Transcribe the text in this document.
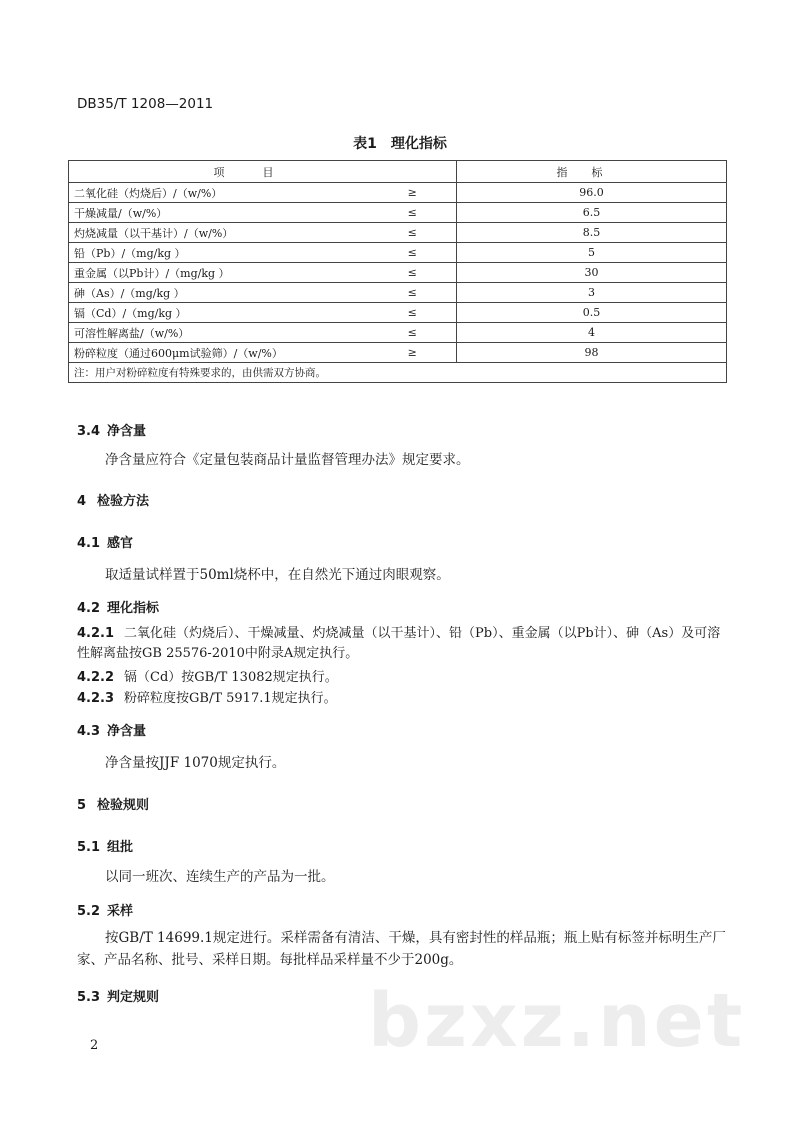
DB35/T 1208—2011
表1　理化指标
项目		指标
二氧化硅（灼烧后）/（w/%）	≥	96.0
干燥减量/（w/%）	≤	6.5
灼烧减量（以干基计）/（w/%）	≤	8.5
铅（Pb）/（mg/kg ）	≤	5
重金属（以Pb计）/（mg/kg ）	≤	30
砷（As）/（mg/kg ）	≤	3
镉（Cd）/（mg/kg ）	≤	0.5
可溶性解离盐/（w/%）	≤	4
粉碎粒度（通过600μm试验筛）/（w/%）	≥	98
注：用户对粉碎粒度有特殊要求的，由供需双方协商。		
3.4 净含量
净含量应符合《定量包装商品计量监督管理办法》规定要求。
4 检验方法
4.1 感官
取适量试样置于50ml烧杯中，在自然光下通过肉眼观察。
4.2 理化指标
4.2.1 二氧化硅（灼烧后）、干燥减量、灼烧减量（以干基计）、铅（Pb）、重金属（以Pb计）、砷（As）及可溶性解离盐按GB 25576-2010中附录A规定执行。
4.2.2 镉（Cd）按GB/T 13082规定执行。
4.2.3 粉碎粒度按GB/T 5917.1规定执行。
4.3 净含量
净含量按JJF 1070规定执行。
5 检验规则
5.1 组批
以同一班次、连续生产的产品为一批。
5.2 采样
按GB/T 14699.1规定进行。采样需备有清洁、干燥，具有密封性的样品瓶；瓶上贴有标签并标明生产厂家、产品名称、批号、采样日期。每批样品采样量不少于200g。
5.3 判定规则	bzxz.net
2
